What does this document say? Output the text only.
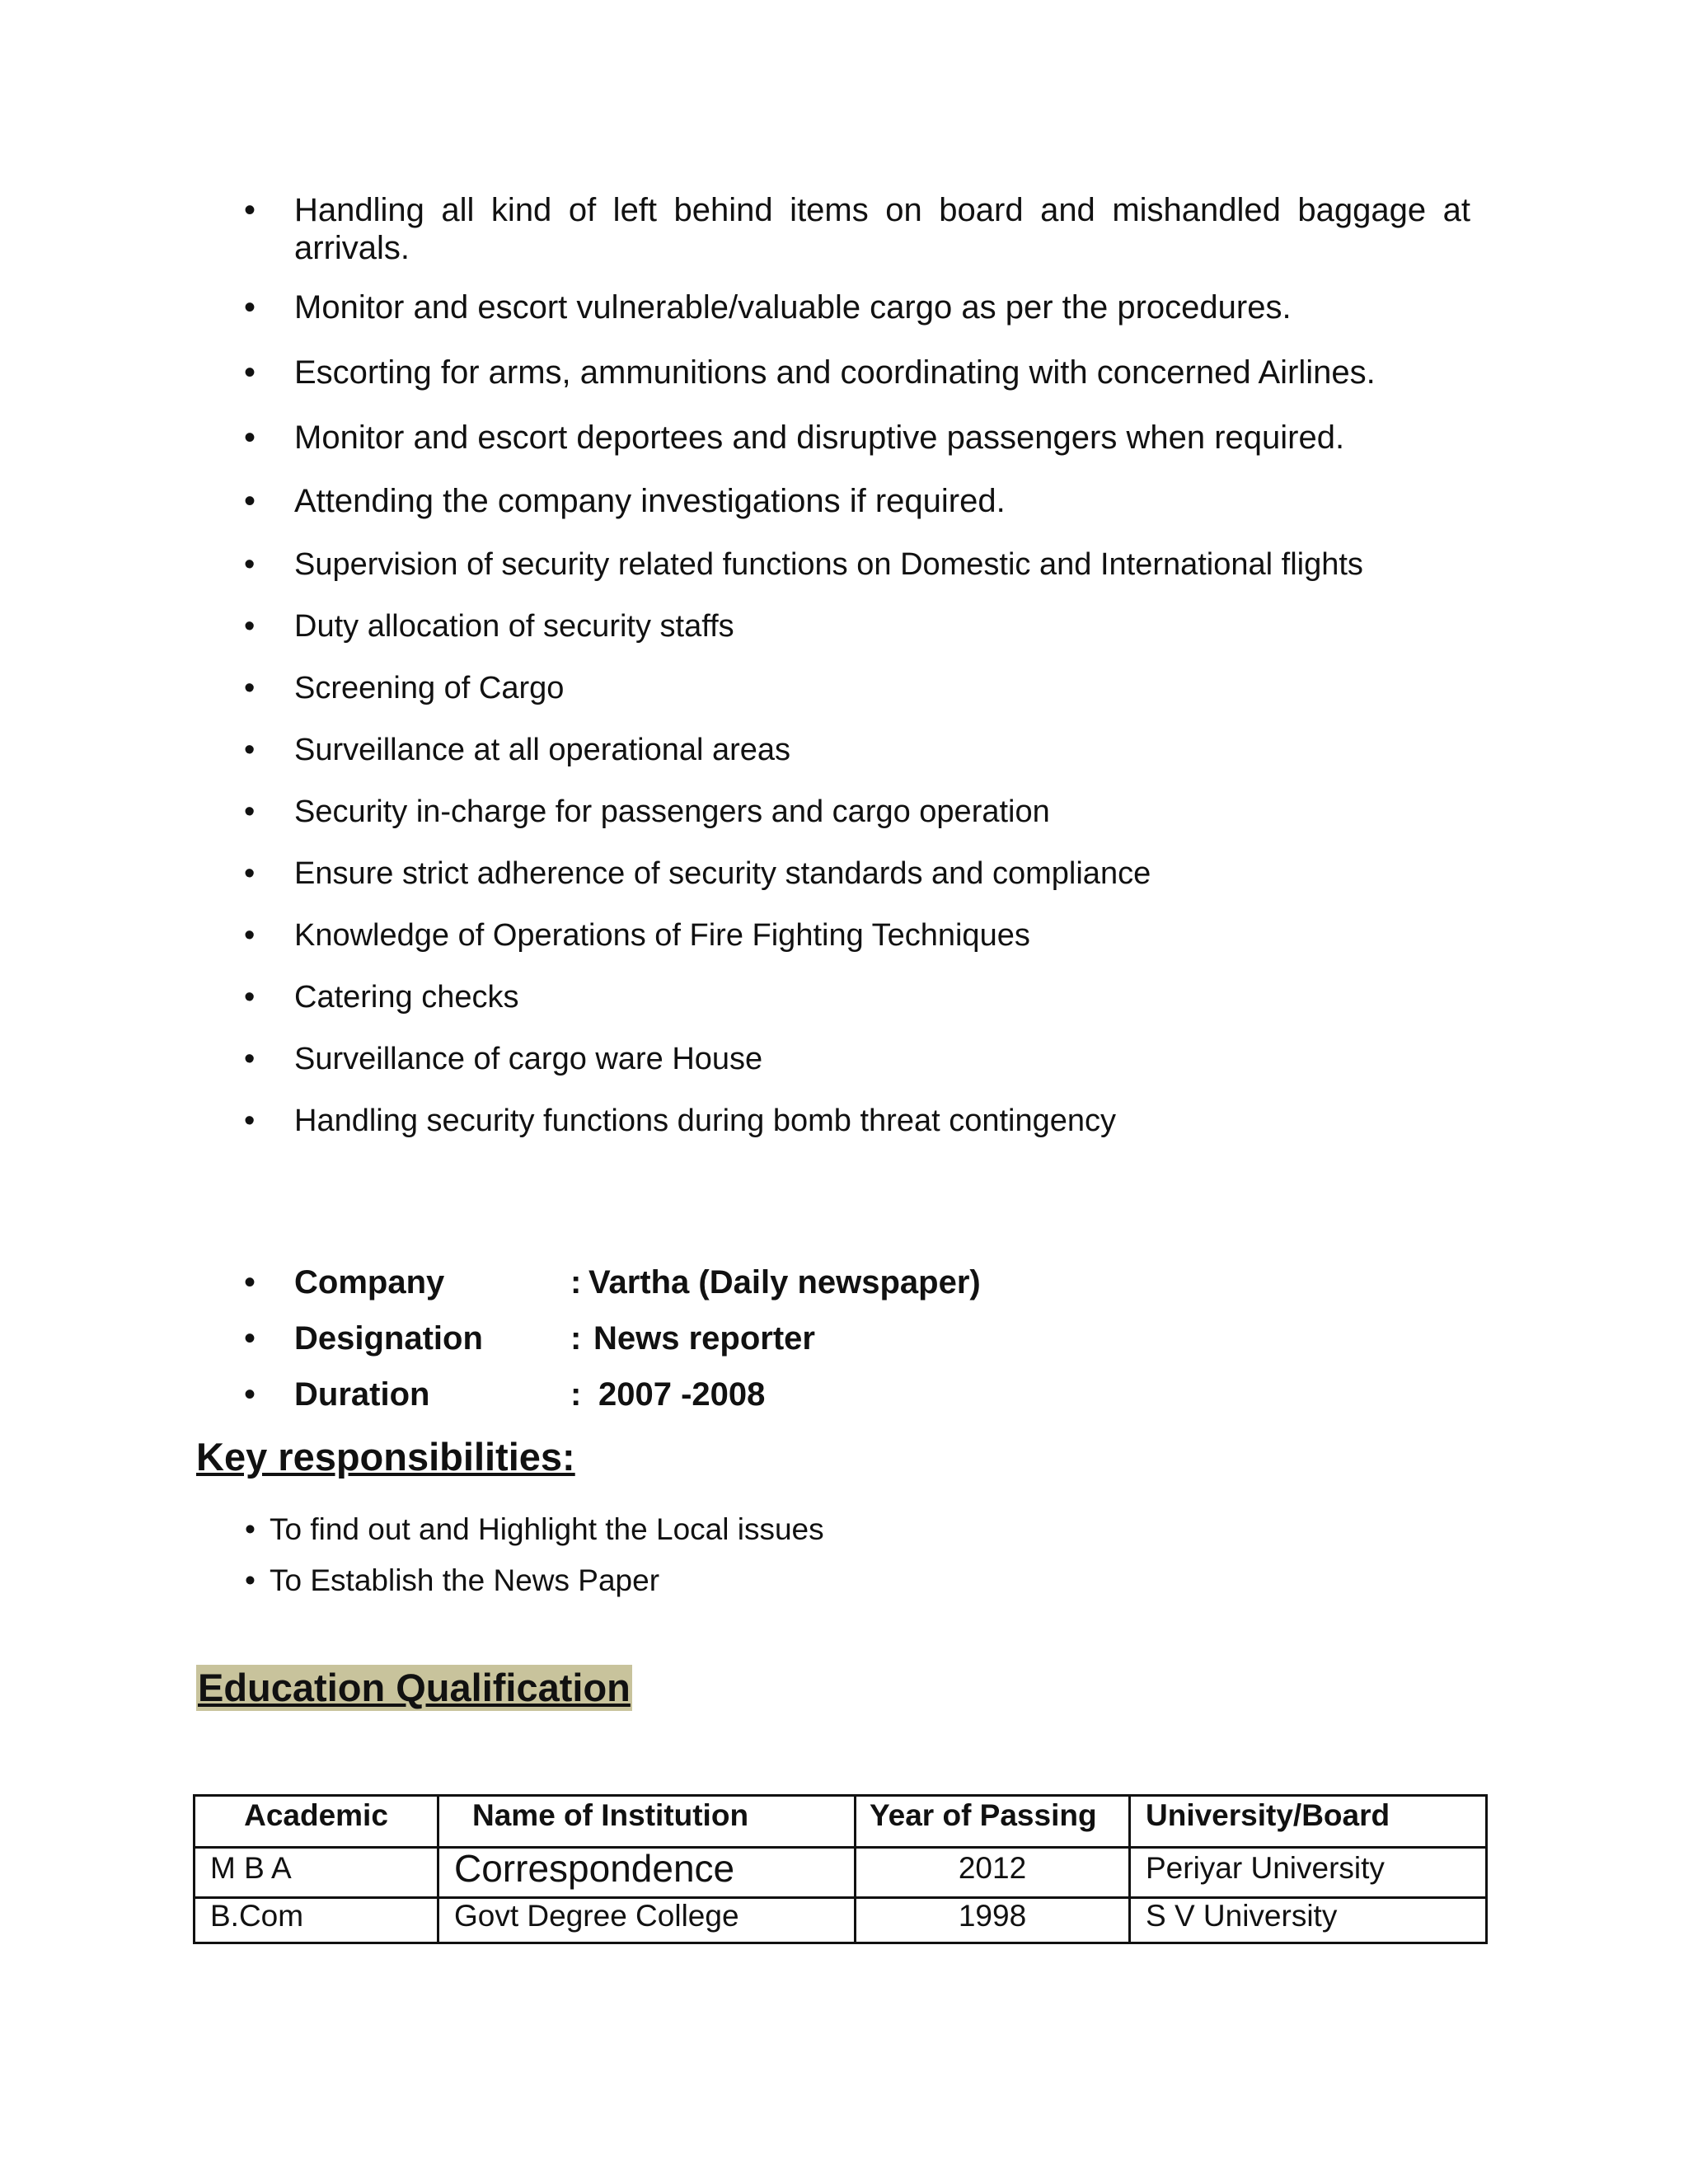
• Handling all kind of left behind items on board and mishandled baggage at arrivals.
• Monitor and escort vulnerable/valuable cargo as per the procedures.
• Escorting for arms, ammunitions and coordinating with concerned Airlines.
• Monitor and escort deportees and disruptive passengers when required.
• Attending the company investigations if required.
• Supervision of security related functions on Domestic and International flights
• Duty allocation of security staffs
• Screening of Cargo
• Surveillance at all operational areas
• Security in-charge for passengers and cargo operation
• Ensure strict adherence of security standards and compliance
• Knowledge of Operations of Fire Fighting Techniques
• Catering checks
• Surveillance of cargo ware House
• Handling security functions during bomb threat contingency
• Company	: Vartha (Daily newspaper)
• Designation	: News reporter
• Duration	: 2007 -2008
Key responsibilities:
• To find out and Highlight the Local issues
• To Establish the News Paper
Education Qualification
Academic	Name of Institution	Year of Passing	University/Board
M B A	Correspondence	2012	Periyar University
B.Com	Govt Degree College	1998	S V University
